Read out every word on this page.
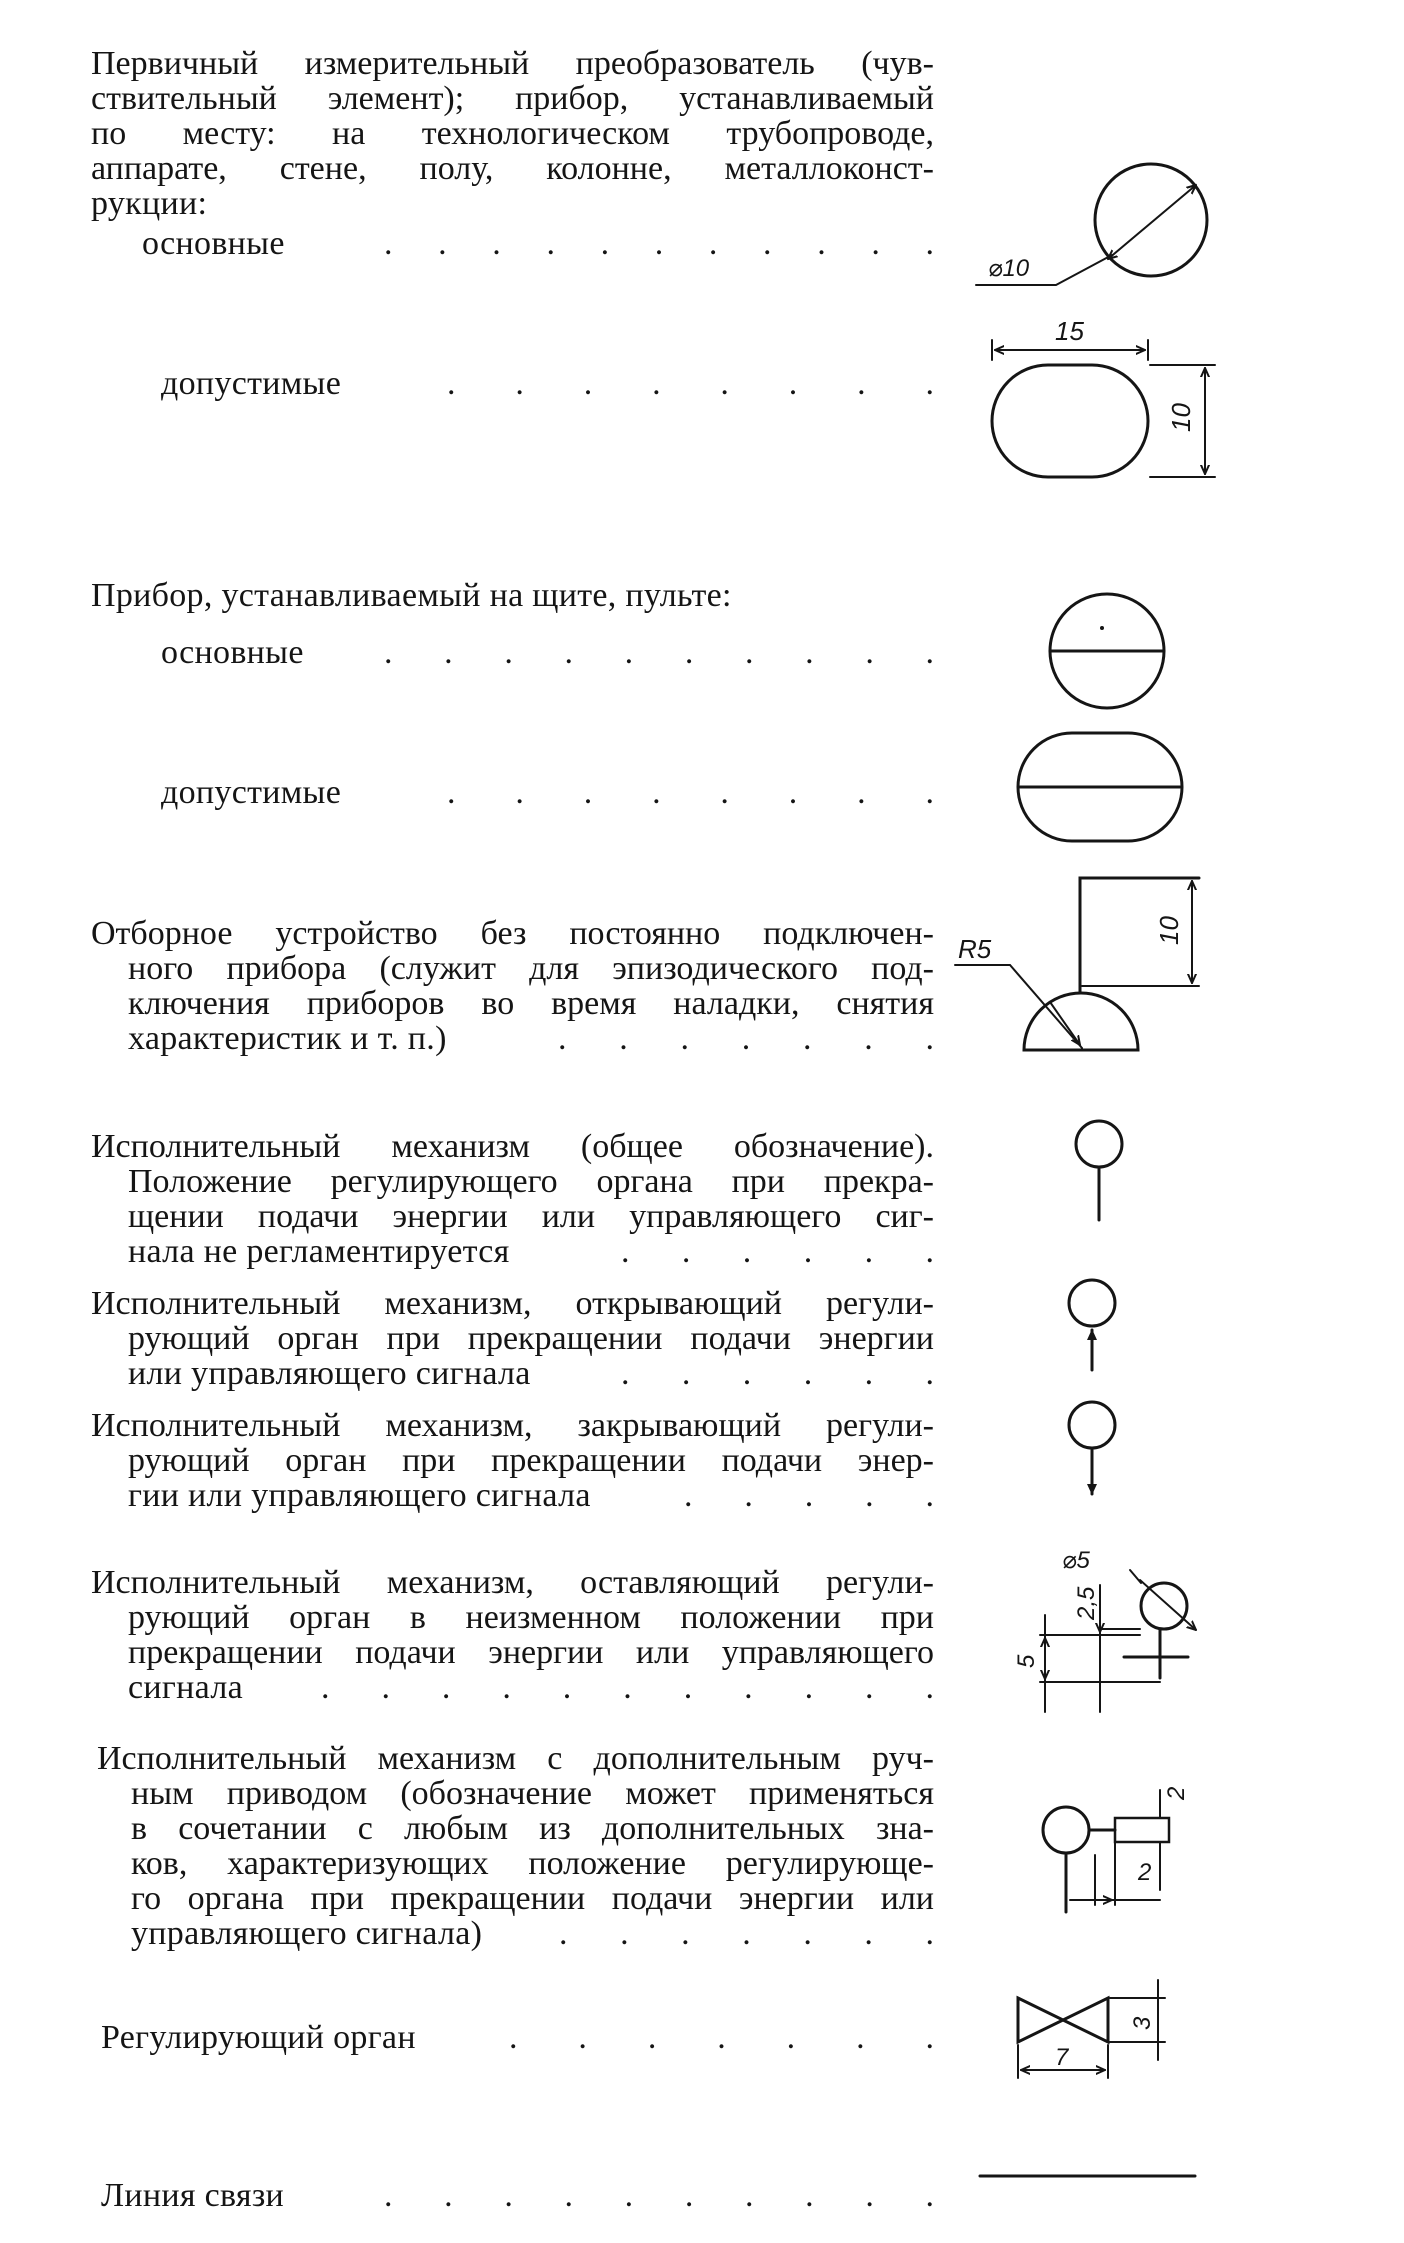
Первичный измерительный преобразователь (чув-
ствительный элемент); прибор, устанавливаемый
по месту: на технологическом трубопроводе,
аппарате, стене, полу, колонне, металлоконст-
рукции:
основные	. . . . . . . . . . .
допустимые	. . . . . . . .
Прибор, устанавливаемый на щите, пульте:
основные . . . . . . . . . .
допустимые	. . . . . . . .
Отборное устройство без постоянно подключен-
ного прибора (служит для эпизодического под-
ключения приборов во время наладки, снятия
характеристик и т. п.)	. . . . . . .
Исполнительный механизм (общее обозначение).
Положение регулирующего органа при прекра-
щении подачи энергии или управляющего сиг-
нала не регламентируется	. . . . . .
Исполнительный механизм, открывающий регули-
рующий орган при прекращении подачи энергии
или управляющего сигнала	. . . . . .
Исполнительный механизм, закрывающий регули-
рующий орган при прекращении подачи энер-
гии или управляющего сигнала	. . . . .
Исполнительный механизм, оставляющий регули-
рующий орган в неизменном положении при
прекращении подачи энергии или управляющего
сигнала . . . . . . . . . . .
Исполнительный механизм с дополнительным руч-
ным приводом (обозначение может применяться
в сочетании с любым из дополнительных зна-
ков, характеризующих положение регулирующе-
го органа при прекращении подачи энергии или
управляющего сигнала) . . . . . . .
Регулирующий орган	. . . . . . .
Линия связи	. . . . . . . . . .
⌀10
15
10
R5
10
⌀5
2,5
5
2
2
3
7
